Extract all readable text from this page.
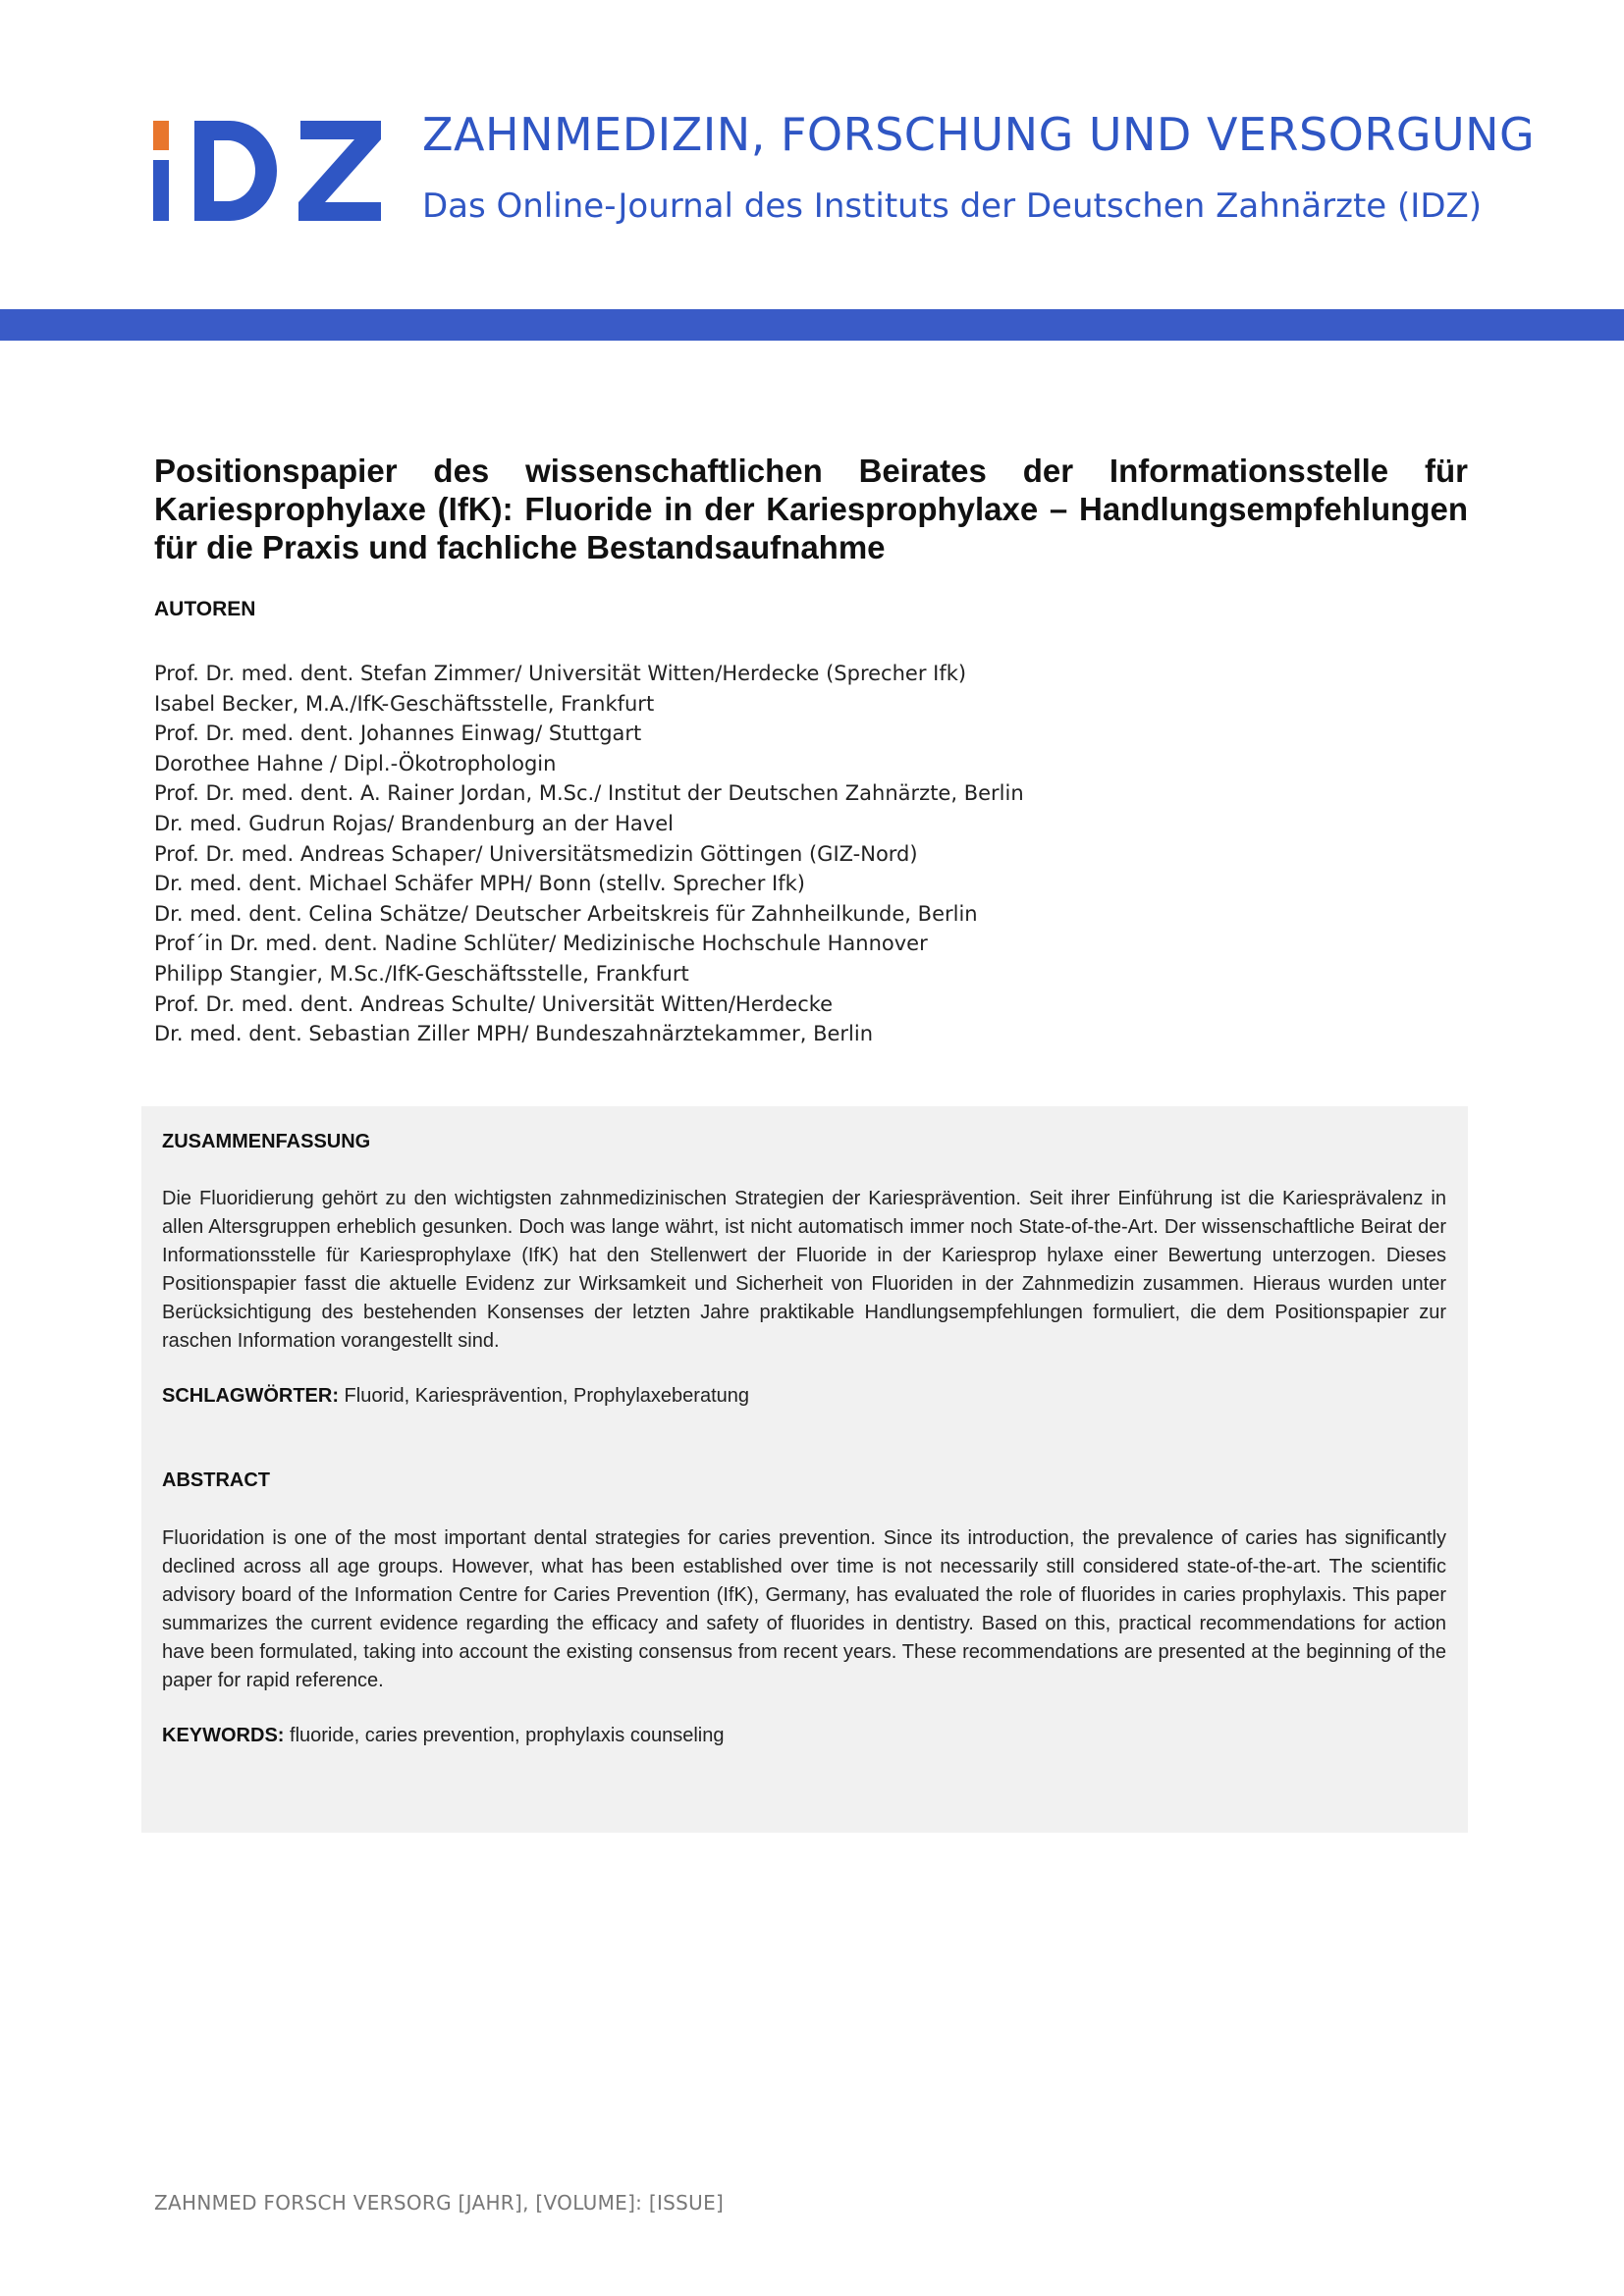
ZAHNMEDIZIN, FORSCHUNG UND VERSORGUNG
Das Online-Journal des Instituts der Deutschen Zahnärzte (IDZ)
Positionspapier des wissenschaftlichen Beirates der Informationsstelle für Kariesprophylaxe (IfK): Fluoride in der Kariesprophylaxe – Handlungsempfehlungen für die Praxis und fachliche Bestandsaufnahme
AUTOREN
Prof. Dr. med. dent. Stefan Zimmer/ Universität Witten/Herdecke (Sprecher Ifk)
Isabel Becker, M.A./IfK-Geschäftsstelle, Frankfurt
Prof. Dr. med. dent. Johannes Einwag/ Stuttgart
Dorothee Hahne / Dipl.-Ökotrophologin
Prof. Dr. med. dent. A. Rainer Jordan, M.Sc./ Institut der Deutschen Zahnärzte, Berlin
Dr. med. Gudrun Rojas/ Brandenburg an der Havel
Prof. Dr. med. Andreas Schaper/ Universitätsmedizin Göttingen (GIZ-Nord)
Dr. med. dent. Michael Schäfer MPH/ Bonn (stellv. Sprecher Ifk)
Dr. med. dent. Celina Schätze/ Deutscher Arbeitskreis für Zahnheilkunde, Berlin
Prof´in Dr. med. dent. Nadine Schlüter/ Medizinische Hochschule Hannover
Philipp Stangier, M.Sc./IfK-Geschäftsstelle, Frankfurt
Prof. Dr. med. dent. Andreas Schulte/ Universität Witten/Herdecke
Dr. med. dent. Sebastian Ziller MPH/ Bundeszahnärztekammer, Berlin
ZUSAMMENFASSUNG

Die Fluoridierung gehört zu den wichtigsten zahnmedizinischen Strategien der Kariesprävention. Seit ihrer Einführung ist die Kariesprävalenz in allen Altersgruppen erheblich gesunken. Doch was lange währt, ist nicht automatisch immer noch State-of-the-Art. Der wissenschaftliche Beirat der Informationsstelle für Kariesprophylaxe (IfK) hat den Stellenwert der Fluoride in der Kariesprop hylaxe einer Bewertung unterzogen. Dieses Positionspapier fasst die aktuelle Evidenz zur Wirksamkeit und Sicherheit von Fluoriden in der Zahnmedizin zusammen. Hieraus wurden unter Berücksichtigung des bestehenden Konsenses der letzten Jahre praktikable Handlungsempfehlungen formuliert, die dem Positionspapier zur raschen Information vorangestellt sind.

SCHLAGWÖRTER: Fluorid, Kariesprävention, Prophylaxeberatung
ABSTRACT

Fluoridation is one of the most important dental strategies for caries prevention. Since its introduction, the prevalence of caries has significantly declined across all age groups. However, what has been established over time is not necessarily still considered state-of-the-art. The scientific advisory board of the Information Centre for Caries Prevention (IfK), Germany, has evaluated the role of fluorides in caries prophylaxis. This paper summarizes the current evidence regarding the efficacy and safety of fluorides in dentistry. Based on this, practical recommendations for action have been formulated, taking into account the existing consensus from recent years. These recommendations are presented at the beginning of the paper for rapid reference.

KEYWORDS: fluoride, caries prevention, prophylaxis counseling
ZAHNMED FORSCH VERSORG [JAHR], [VOLUME]: [ISSUE]
